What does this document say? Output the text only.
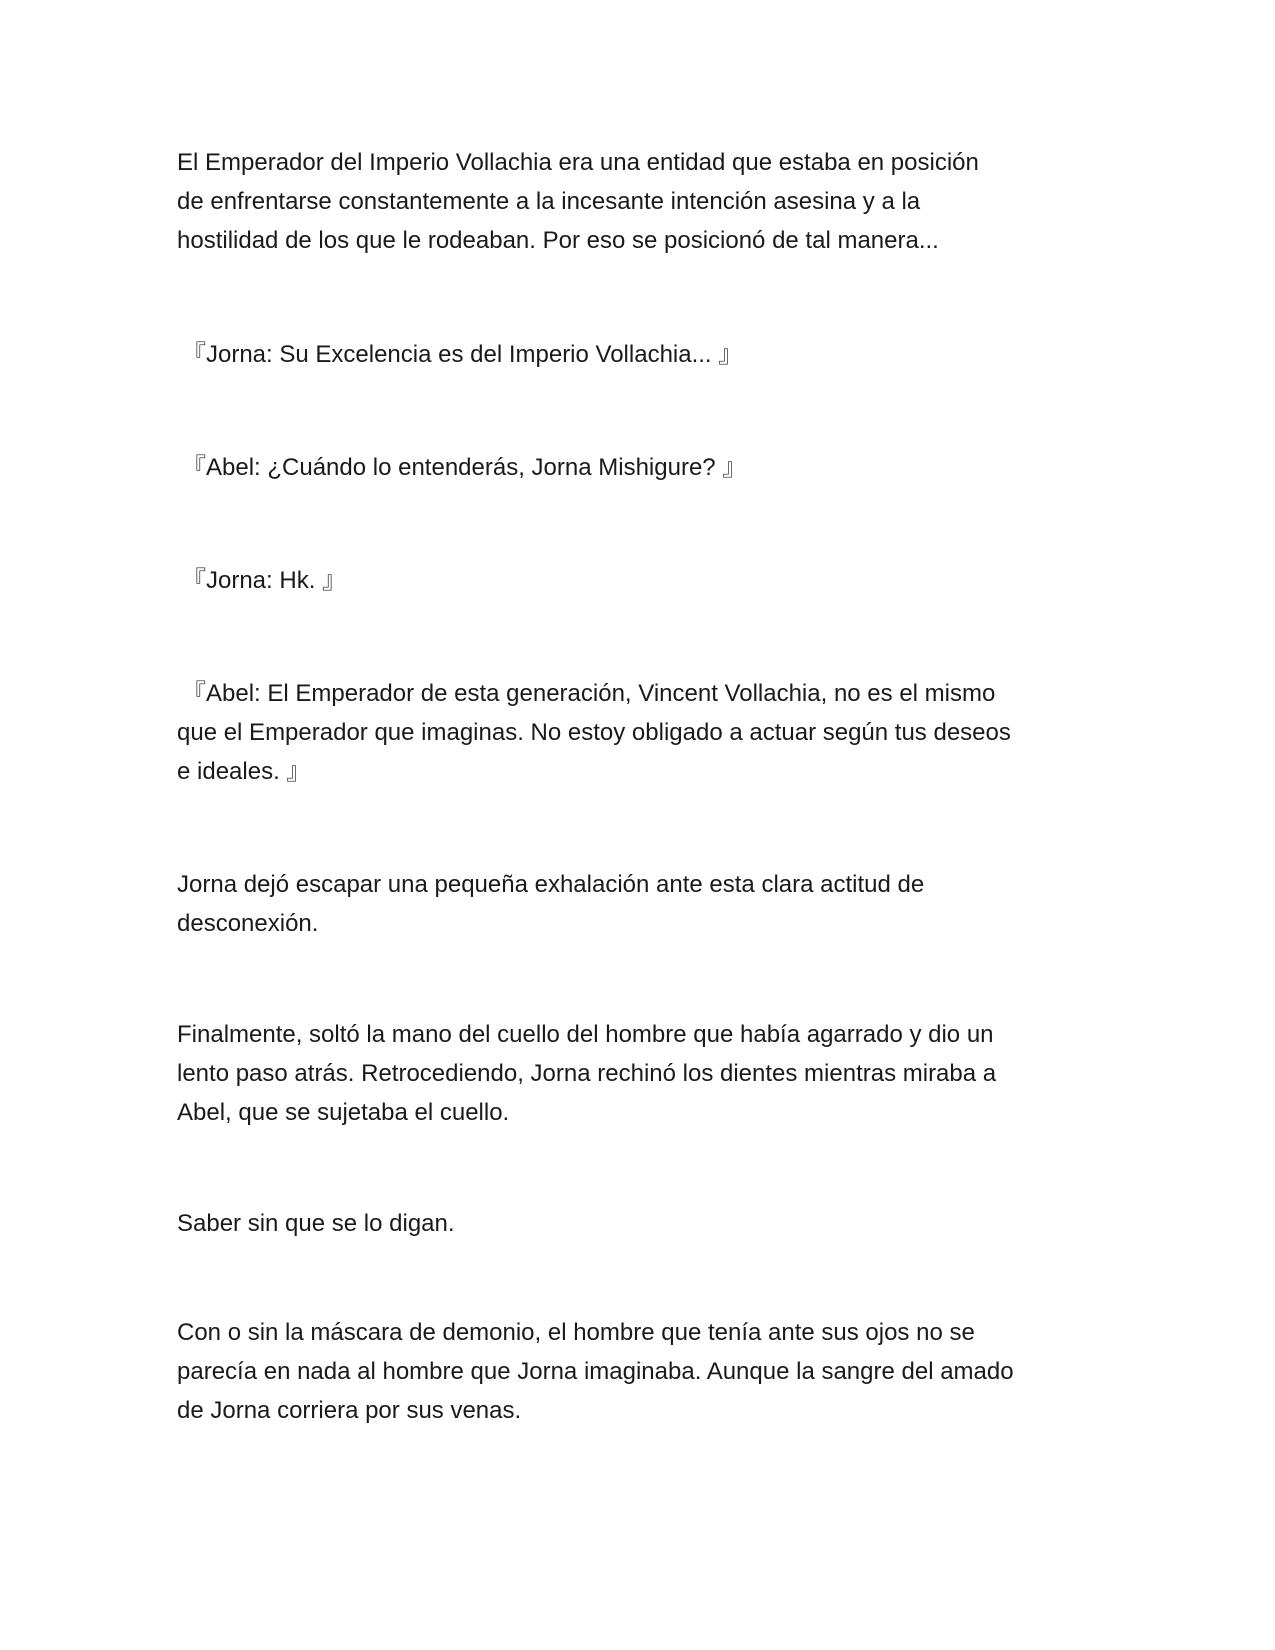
El Emperador del Imperio Vollachia era una entidad que estaba en posición
de enfrentarse constantemente a la incesante intención asesina y a la
hostilidad de los que le rodeaban. Por eso se posicionó de tal manera...

『Jorna: Su Excelencia es del Imperio Vollachia... 』

『Abel: ¿Cuándo lo entenderás, Jorna Mishigure? 』

『Jorna: Hk. 』

『Abel: El Emperador de esta generación, Vincent Vollachia, no es el mismo
que el Emperador que imaginas. No estoy obligado a actuar según tus deseos
e ideales. 』

Jorna dejó escapar una pequeña exhalación ante esta clara actitud de
desconexión.

Finalmente, soltó la mano del cuello del hombre que había agarrado y dio un
lento paso atrás. Retrocediendo, Jorna rechinó los dientes mientras miraba a
Abel, que se sujetaba el cuello.

Saber sin que se lo digan.

Con o sin la máscara de demonio, el hombre que tenía ante sus ojos no se
parecía en nada al hombre que Jorna imaginaba. Aunque la sangre del amado
de Jorna corriera por sus venas.
